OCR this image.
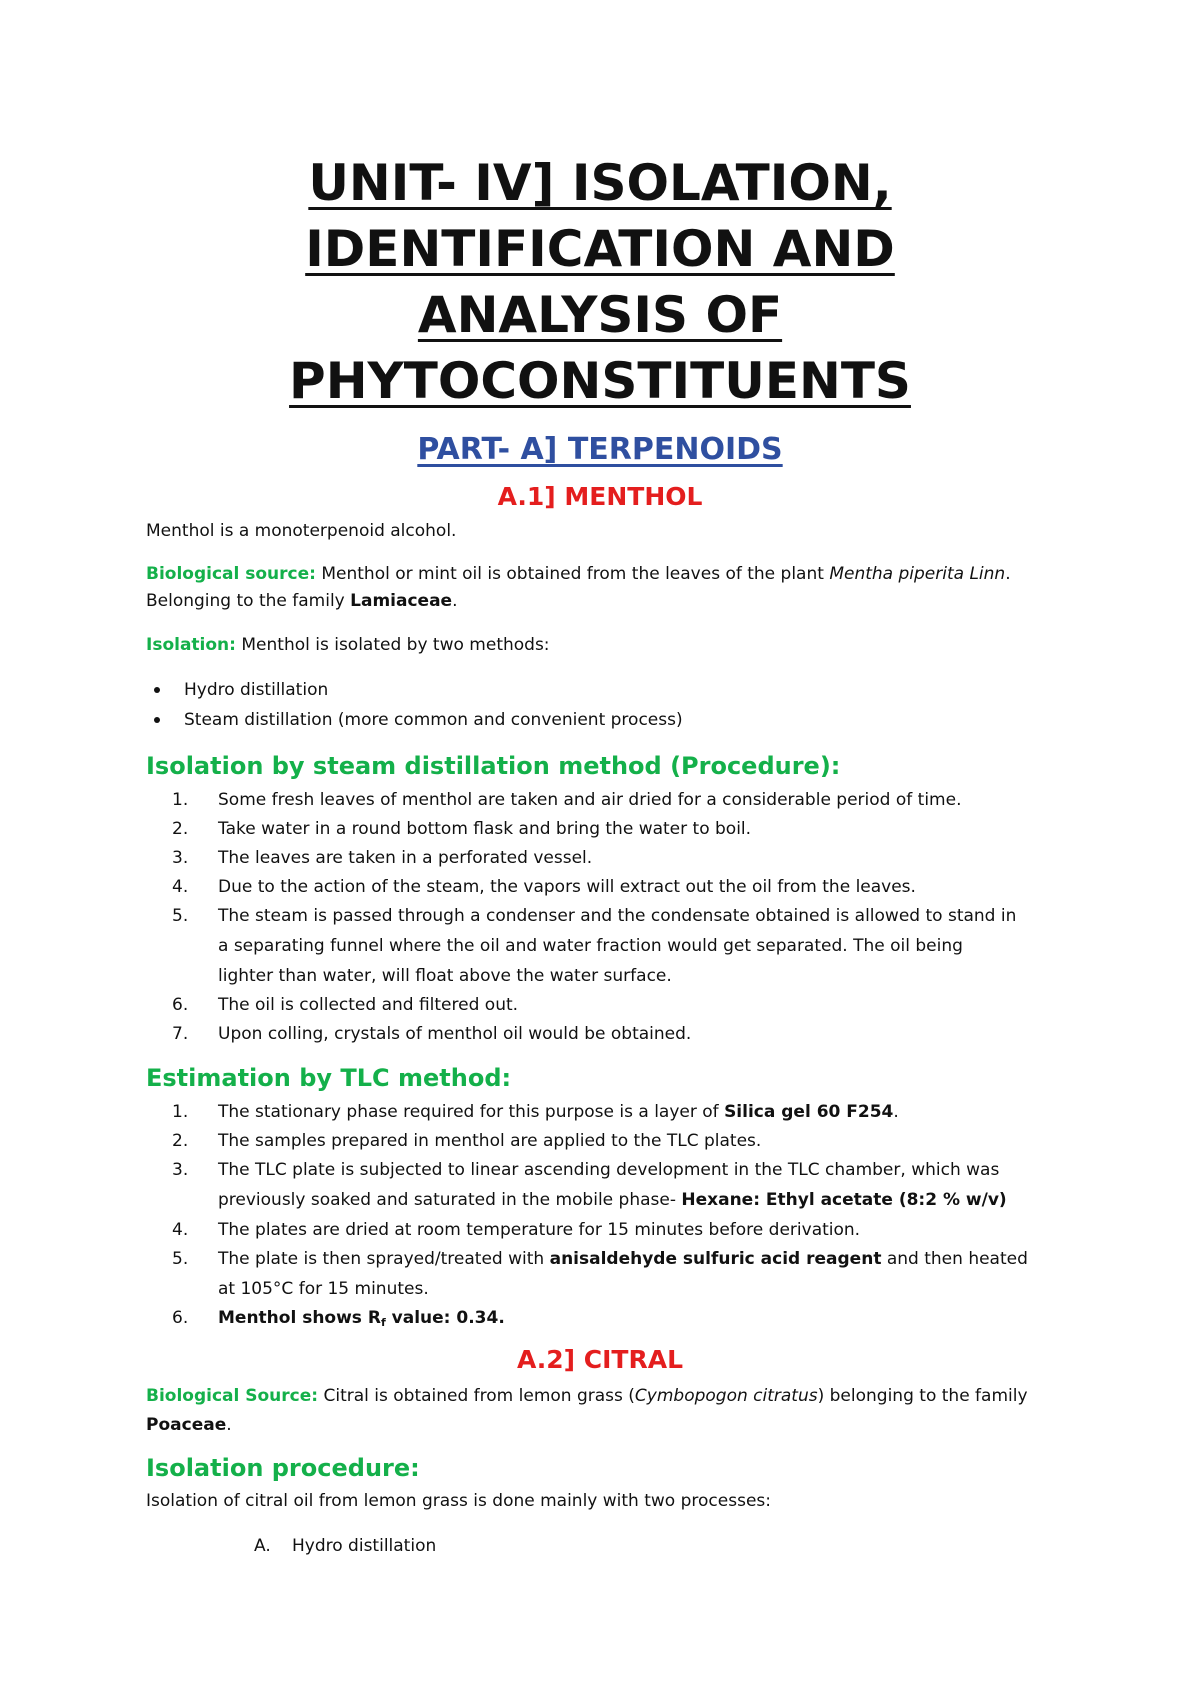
UNIT- IV] ISOLATION,
IDENTIFICATION AND
ANALYSIS OF
PHYTOCONSTITUENTS
PART- A] TERPENOIDS
A.1] MENTHOL

Menthol is a monoterpenoid alcohol.

Biological source: Menthol or mint oil is obtained from the leaves of the plant Mentha piperita Linn.

Belonging to the family Lamiaceae.

Isolation: Menthol is isolated by two methods:

Hydro distillation

Steam distillation (more common and convenient process)

Isolation by steam distillation method (Procedure):

1.	Some fresh leaves of menthol are taken and air dried for a considerable period of time.

2.	Take water in a round bottom flask and bring the water to boil.

3.	The leaves are taken in a perforated vessel.

4.	Due to the action of the steam, the vapors will extract out the oil from the leaves.

5.	The steam is passed through a condenser and the condensate obtained is allowed to stand in

a separating funnel where the oil and water fraction would get separated. The oil being

lighter than water, will float above the water surface.

6.	The oil is collected and filtered out.

7.	Upon colling, crystals of menthol oil would be obtained.

Estimation by TLC method:

1.	The stationary phase required for this purpose is a layer of Silica gel 60 F254.

2.	The samples prepared in menthol are applied to the TLC plates.

3.	The TLC plate is subjected to linear ascending development in the TLC chamber, which was

previously soaked and saturated in the mobile phase- Hexane: Ethyl acetate (8:2 % w/v)

4.	The plates are dried at room temperature for 15 minutes before derivation.

5.	The plate is then sprayed/treated with anisaldehyde sulfuric acid reagent and then heated

at 105°C for 15 minutes.

6.	Menthol shows $R_f$ value: 0.34.

A.2] CITRAL

Biological Source: Citral is obtained from lemon grass (Cymbopogon citratus) belonging to the family

Poaceae.

Isolation procedure:

Isolation of citral oil from lemon grass is done mainly with two processes:

A.	Hydro distillation
